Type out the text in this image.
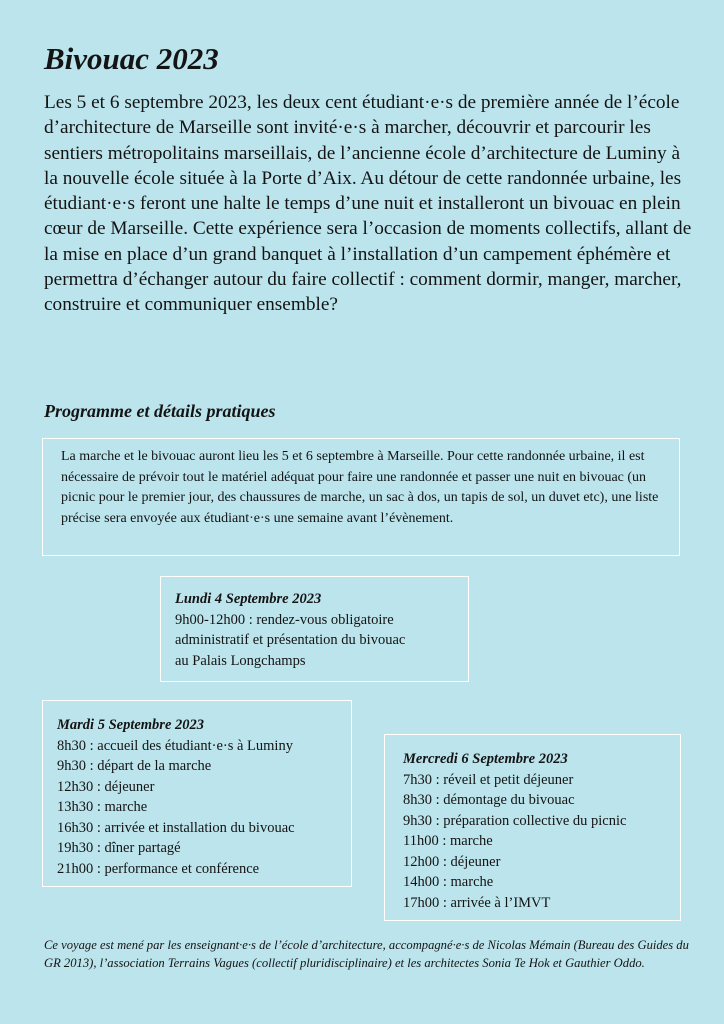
Bivouac 2023

Les 5 et 6 septembre 2023, les deux cent étudiant·e·s de première année de l’école d’architecture de Marseille sont invité·e·s à marcher, découvrir et parcourir les sentiers métropolitains marseillais, de l’ancienne école d’architecture de Luminy à la nouvelle école située à la Porte d’Aix. Au détour de cette randonnée urbaine, les étudiant·e·s feront une halte le temps d’une nuit et installeront un bivouac en plein cœur de Marseille. Cette expérience sera l’occasion de moments collectifs, allant de la mise en place d’un grand banquet à l’installation d’un campement éphémère et permettra d’échanger autour du faire collectif : comment dormir, manger, marcher, construire et communiquer ensemble?

Programme et détails pratiques
La marche et le bivouac auront lieu les 5 et 6 septembre à Marseille. Pour cette randonnée urbaine, il est nécessaire de prévoir tout le matériel adéquat pour faire une randonnée et passer une nuit en bivouac (un picnic pour le premier jour, des chaussures de marche, un sac à dos, un tapis de sol, un duvet etc), une liste précise sera envoyée aux étudiant·e·s une semaine avant l’évènement.
Lundi 4 Septembre 2023
9h00-12h00 : rendez-vous obligatoire
administratif et présentation du bivouac
au Palais Longchamps
Mardi 5 Septembre 2023
8h30 : accueil des étudiant·e·s à Luminy
9h30 : départ de la marche
12h30 : déjeuner
13h30 : marche
16h30 : arrivée et installation du bivouac
19h30 : dîner partagé
21h00 : performance et conférence
Mercredi 6 Septembre 2023
7h30 : réveil et petit déjeuner
8h30 : démontage du bivouac
9h30 : préparation collective du picnic
11h00 : marche
12h00 : déjeuner
14h00 : marche
17h00 : arrivée à l’IMVT

Ce voyage est mené par les enseignant·e·s de l’école d’architecture, accompagné·e·s de Nicolas Mémain (Bureau des Guides du GR 2013), l’association Terrains Vagues (collectif pluridisciplinaire) et les architectes Sonia Te Hok et Gauthier Oddo.
